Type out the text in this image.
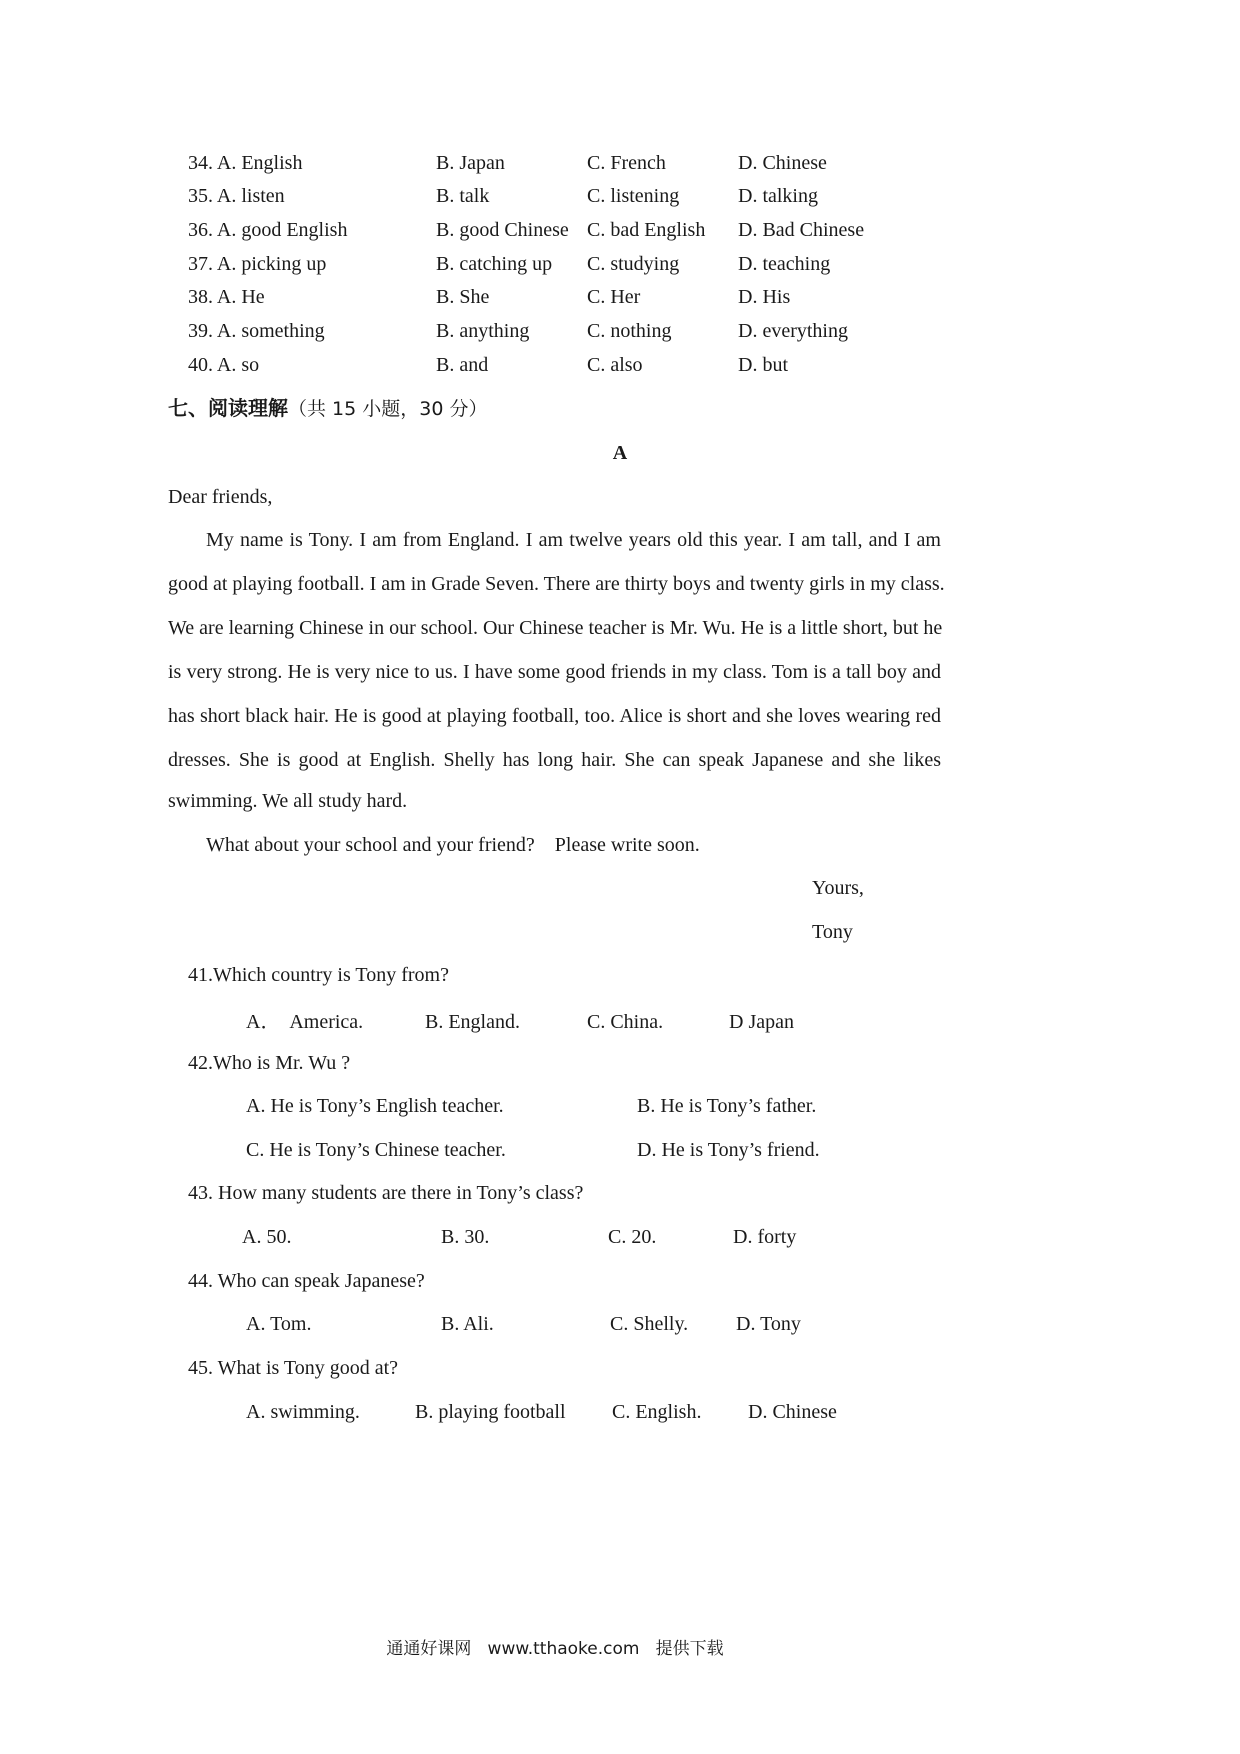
34. A. English	B. Japan	C. French	D. Chinese
35. A. listen	B. talk	C. listening	D. talking
36. A. good English	B. good Chinese C. bad English D. Bad Chinese
37. A. picking up	B. catching up C. studying	D. teaching
38. A. He	B. She	C. Her	D. His
39. A. something	B. anything	C. nothing	D. everything
40. A. so	B. and	C. also	D. but
七、阅读理解（共 15 小题，30 分）
A
Dear friends,
My name is Tony. I am from England. I am twelve years old this year. I am tall, and I am
good at playing football. I am in Grade Seven. There are thirty boys and twenty girls in my class.
We are learning Chinese in our school. Our Chinese teacher is Mr. Wu. He is a little short, but he
is very strong. He is very nice to us. I have some good friends in my class. Tom is a tall boy and
has short black hair. He is good at playing football, too. Alice is short and she loves wearing red
dresses. She is good at English. Shelly has long hair. She can speak Japanese and she likes
swimming. We all study hard.
What about your school and your friend?    Please write soon.
Yours,
Tony
41.Which country is Tony from?
A．  America.	B. England.	C. China.	D Japan
42.Who is Mr. Wu ?
A. He is Tony’s English teacher.	B. He is Tony’s father.
C. He is Tony’s Chinese teacher.	D. He is Tony’s friend.
43. How many students are there in Tony’s class?
A. 50.	B. 30.	C. 20.	D. forty
44. Who can speak Japanese?
A. Tom.	B. Ali.	C. Shelly. D. Tony
45. What is Tony good at?
A. swimming.	B. playing football C. English. D. Chinese
通通好课网   www.tthaoke.com   提供下载
